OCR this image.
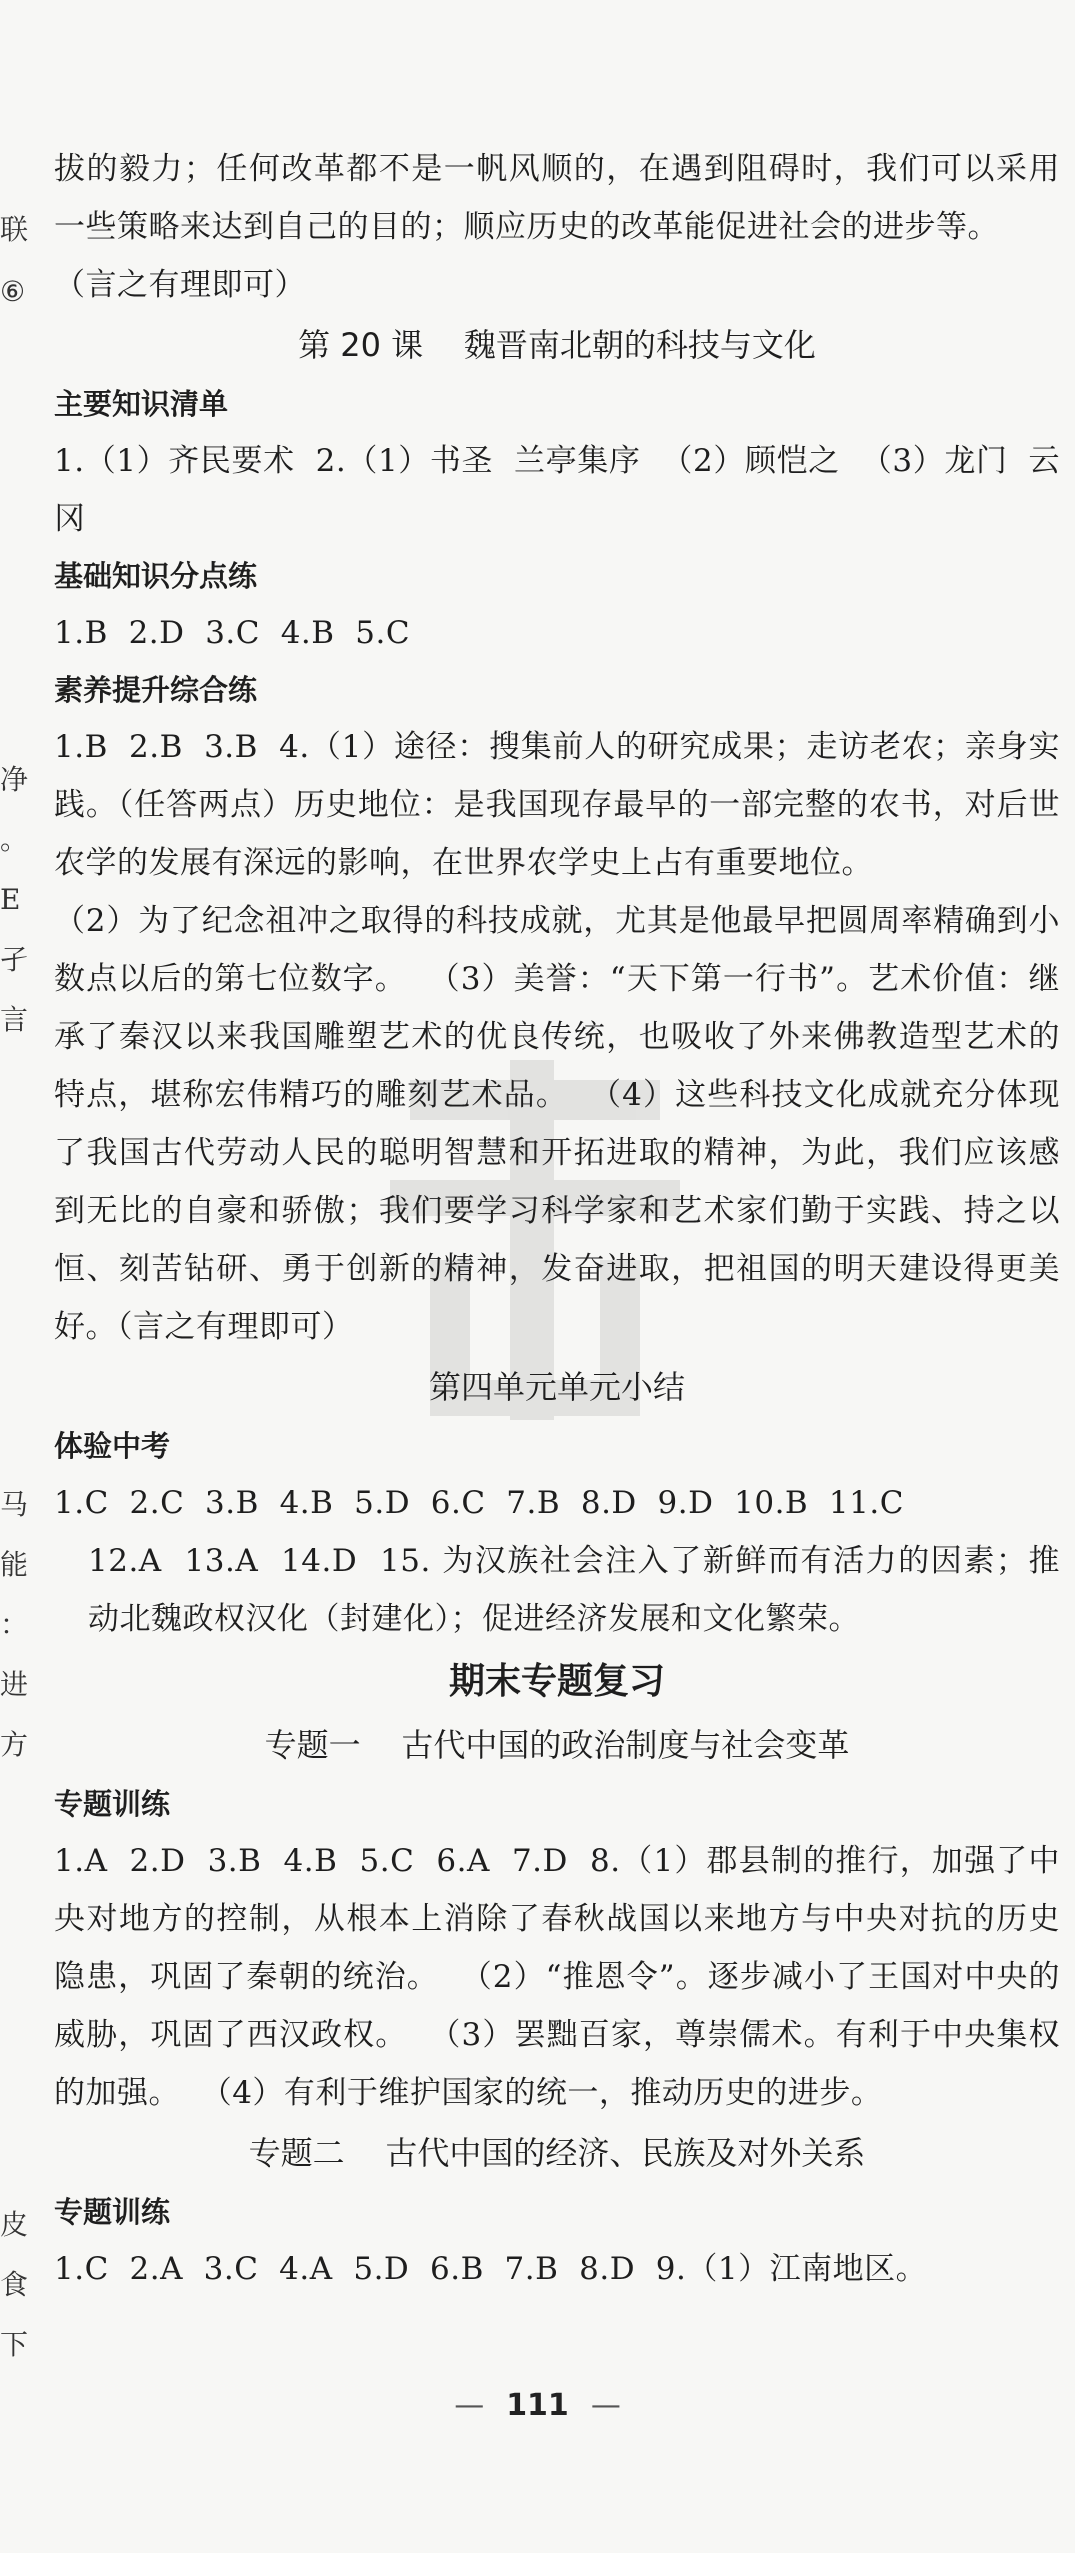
联
⑥
净
。
E
孑
言
马
能
：
进
方
皮
食
下

拔的毅力；任何改革都不是一帆风顺的，在遇到阻碍时，我们可以采用一些策略来达到自己的目的；顺应历史的改革能促进社会的进步等。

（言之有理即可）

第 20 课    魏晋南北朝的科技与文化
主要知识清单

1.（1）齐民要术  2.（1）书圣  兰亭集序  （2）顾恺之  （3）龙门  云冈

基础知识分点练

1.B  2.D  3.C  4.B  5.C

素养提升综合练

1.B  2.B  3.B  4.（1）途径：搜集前人的研究成果；走访老农；亲身实践。（任答两点）历史地位：是我国现存最早的一部完整的农书，对后世农学的发展有深远的影响，在世界农学史上占有重要地位。

（2）为了纪念祖冲之取得的科技成就，尤其是他最早把圆周率精确到小数点以后的第七位数字。  （3）美誉：“天下第一行书”。艺术价值：继承了秦汉以来我国雕塑艺术的优良传统，也吸收了外来佛教造型艺术的特点，堪称宏伟精巧的雕刻艺术品。  （4）这些科技文化成就充分体现了我国古代劳动人民的聪明智慧和开拓进取的精神，为此，我们应该感到无比的自豪和骄傲；我们要学习科学家和艺术家们勤于实践、持之以恒、刻苦钻研、勇于创新的精神，发奋进取，把祖国的明天建设得更美好。（言之有理即可）

第四单元单元小结
体验中考

1.C  2.C  3.B  4.B  5.D  6.C  7.B  8.D  9.D  10.B  11.C

12.A  13.A  14.D  15. 为汉族社会注入了新鲜而有活力的因素；推动北魏政权汉化（封建化）；促进经济发展和文化繁荣。

期末专题复习
专题一    古代中国的政治制度与社会变革
专题训练

1.A  2.D  3.B  4.B  5.C  6.A  7.D  8.（1）郡县制的推行，加强了中央对地方的控制，从根本上消除了春秋战国以来地方与中央对抗的历史隐患，巩固了秦朝的统治。  （2）“推恩令”。逐步减小了王国对中央的威胁，巩固了西汉政权。  （3）罢黜百家，尊崇儒术。有利于中央集权的加强。  （4）有利于维护国家的统一，推动历史的进步。

专题二    古代中国的经济、民族及对外关系
专题训练

1.C  2.A  3.C  4.A  5.D  6.B  7.B  8.D  9.（1）江南地区。

— 111 —
